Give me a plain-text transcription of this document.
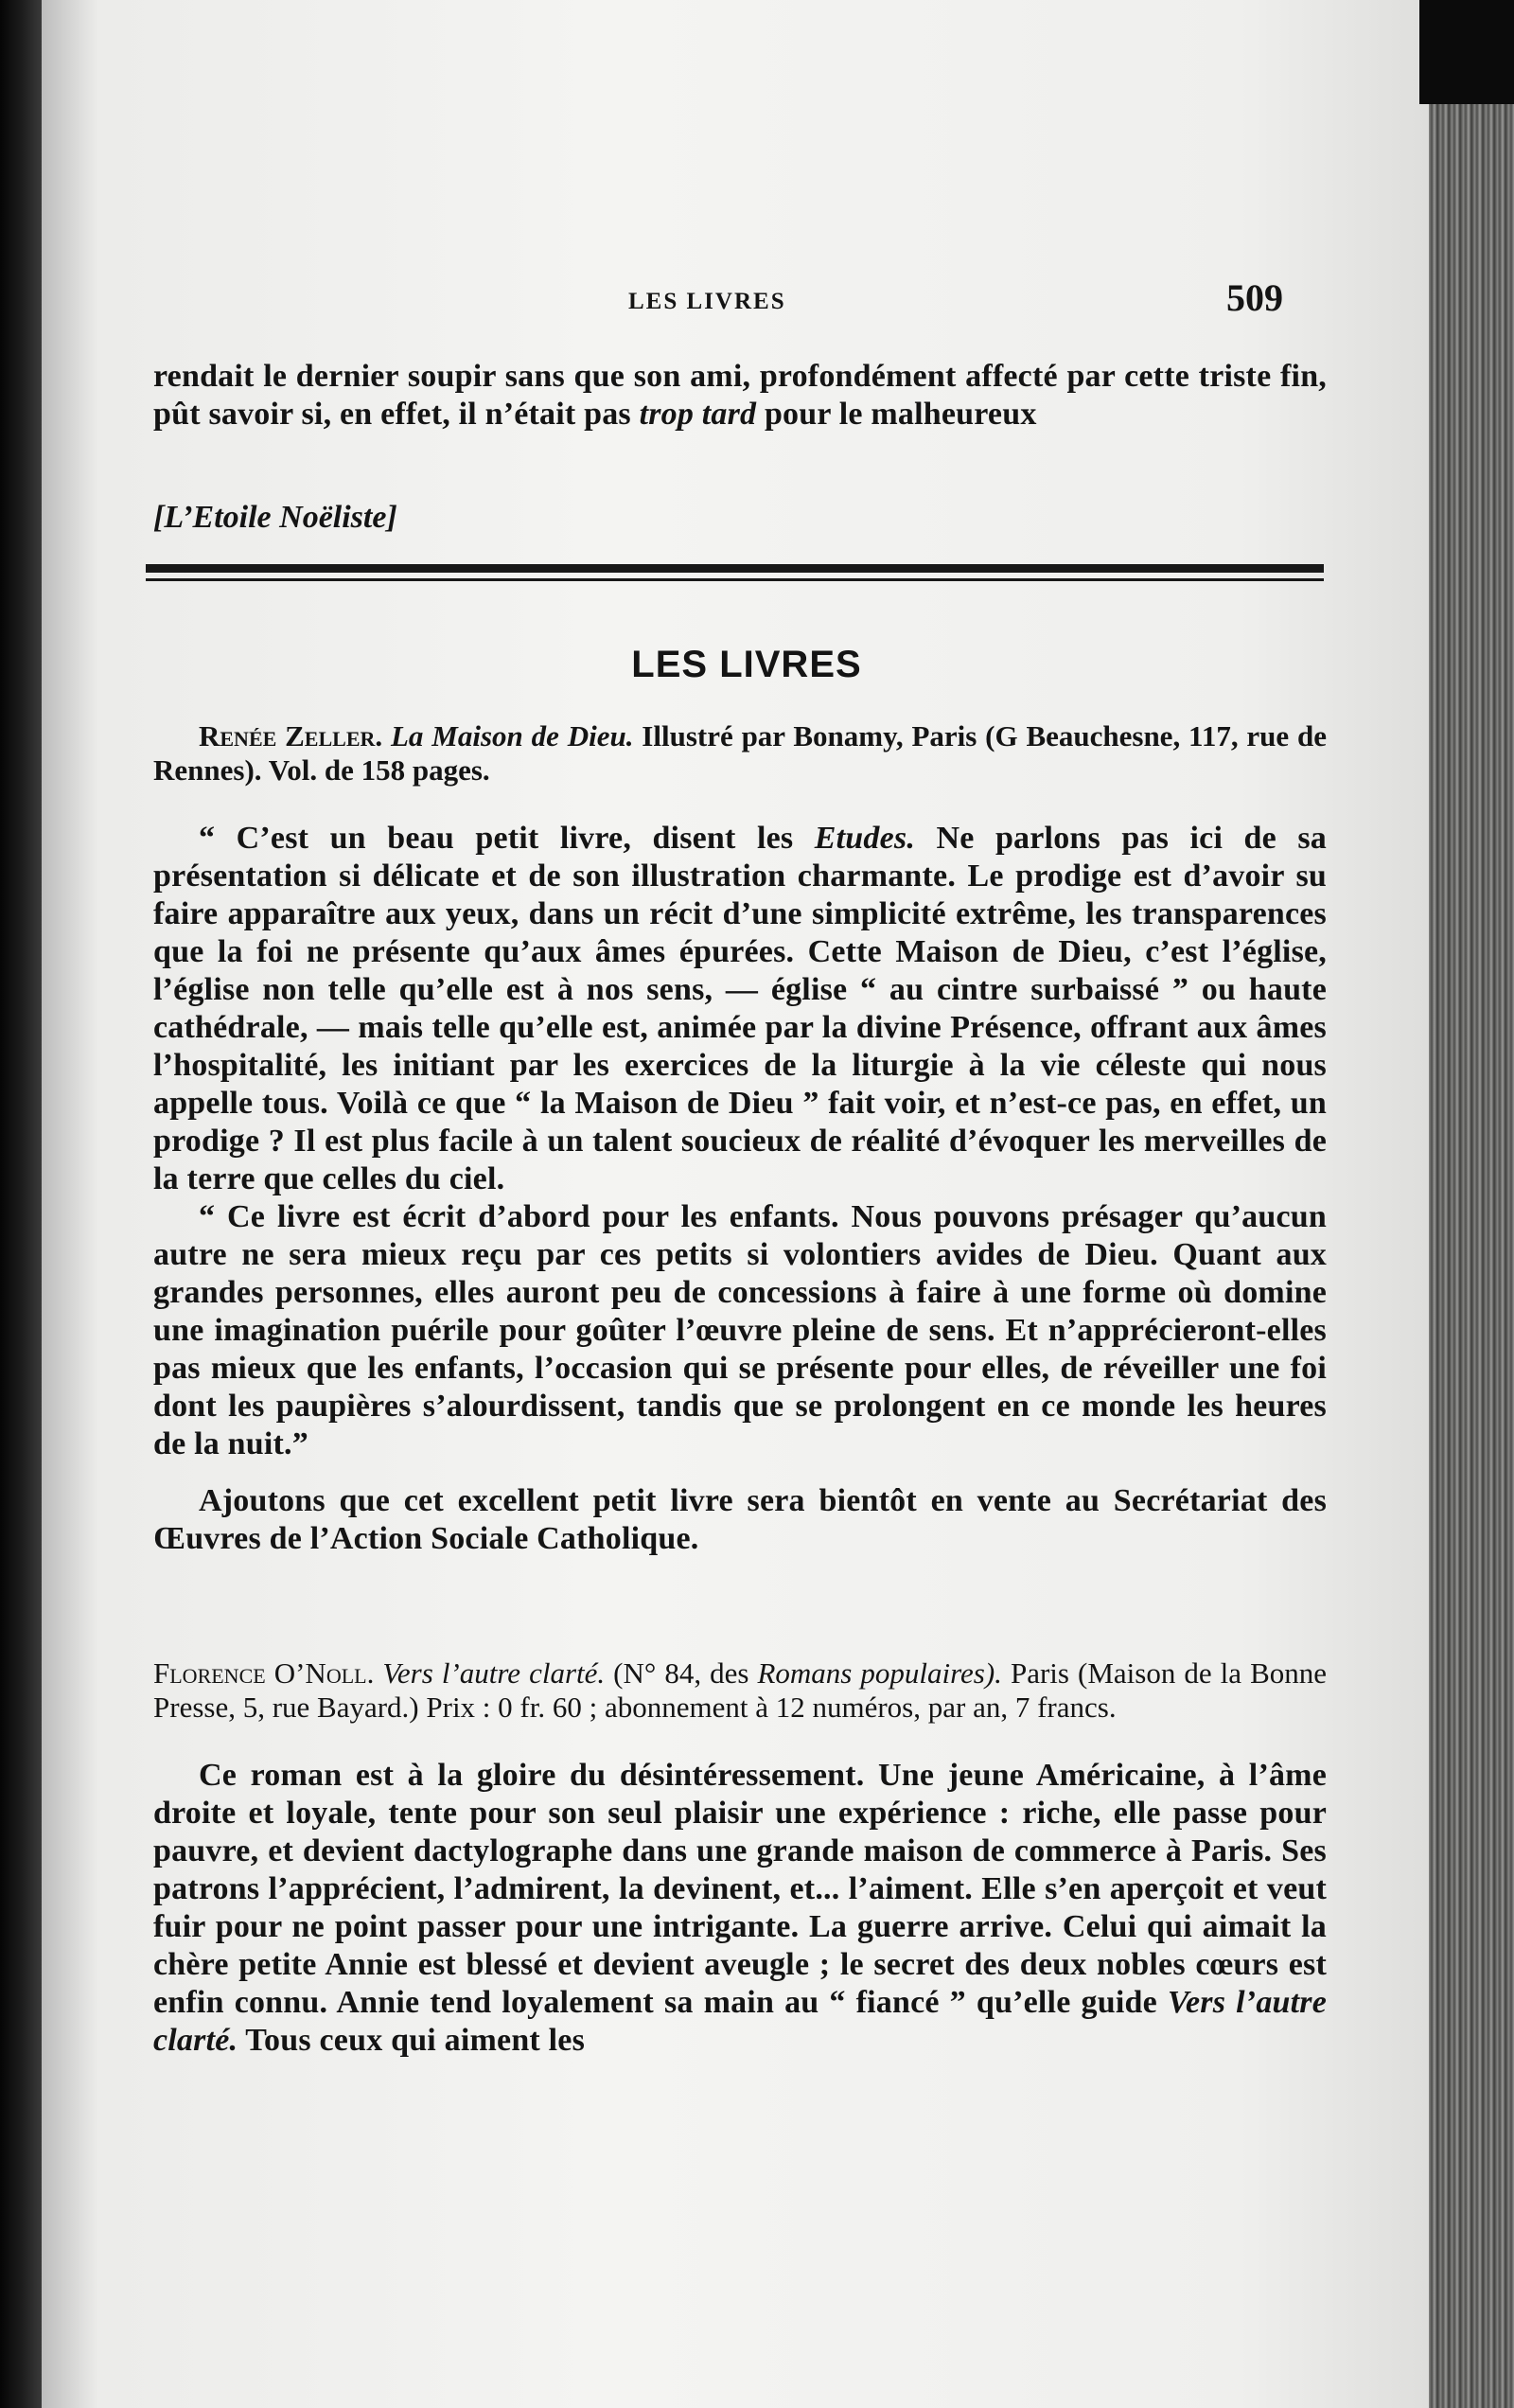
LES LIVRES	509

rendait le dernier soupir sans que son ami, profondément affecté par cette triste fin, pût savoir si, en effet, il n’était pas trop tard pour le malheureux

[L’Etoile Noëliste]
LES LIVRES

Renée Zeller. La Maison de Dieu. Illustré par Bonamy, Paris (G Beauchesne, 117, rue de Rennes). Vol. de 158 pages.

“ C’est un beau petit livre, disent les Etudes. Ne parlons pas ici de sa présentation si délicate et de son illustration charmante. Le prodige est d’avoir su faire apparaître aux yeux, dans un récit d’une simplicité extrême, les transparences que la foi ne présente qu’aux âmes épurées. Cette Maison de Dieu, c’est l’église, l’église non telle qu’elle est à nos sens, — église “ au cintre surbaissé ” ou haute cathédrale, — mais telle qu’elle est, animée par la divine Présence, offrant aux âmes l’hospitalité, les initiant par les exercices de la liturgie à la vie céleste qui nous appelle tous. Voilà ce que “ la Maison de Dieu ” fait voir, et n’est-ce pas, en effet, un prodige ? Il est plus facile à un talent soucieux de réalité d’évoquer les merveilles de la terre que celles du ciel.

“ Ce livre est écrit d’abord pour les enfants. Nous pouvons présager qu’aucun autre ne sera mieux reçu par ces petits si volontiers avides de Dieu. Quant aux grandes personnes, elles auront peu de concessions à faire à une forme où domine une imagination puérile pour goûter l’œuvre pleine de sens. Et n’apprécieront-elles pas mieux que les enfants, l’occasion qui se présente pour elles, de réveiller une foi dont les paupières s’alourdissent, tandis que se prolongent en ce monde les heures de la nuit.”

Ajoutons que cet excellent petit livre sera bientôt en vente au Secrétariat des Œuvres de l’Action Sociale Catholique.

Florence O’Noll. Vers l’autre clarté. (N° 84, des Romans populaires). Paris (Maison de la Bonne Presse, 5, rue Bayard.) Prix : 0 fr. 60 ; abonnement à 12 numéros, par an, 7 francs.

Ce roman est à la gloire du désintéressement. Une jeune Américaine, à l’âme droite et loyale, tente pour son seul plaisir une expérience : riche, elle passe pour pauvre, et devient dactylographe dans une grande maison de commerce à Paris. Ses patrons l’apprécient, l’admirent, la devinent, et... l’aiment. Elle s’en aperçoit et veut fuir pour ne point passer pour une intrigante. La guerre arrive. Celui qui aimait la chère petite Annie est blessé et devient aveugle ; le secret des deux nobles cœurs est enfin connu. Annie tend loyalement sa main au “ fiancé ” qu’elle guide Vers l’autre clarté. Tous ceux qui aiment les
